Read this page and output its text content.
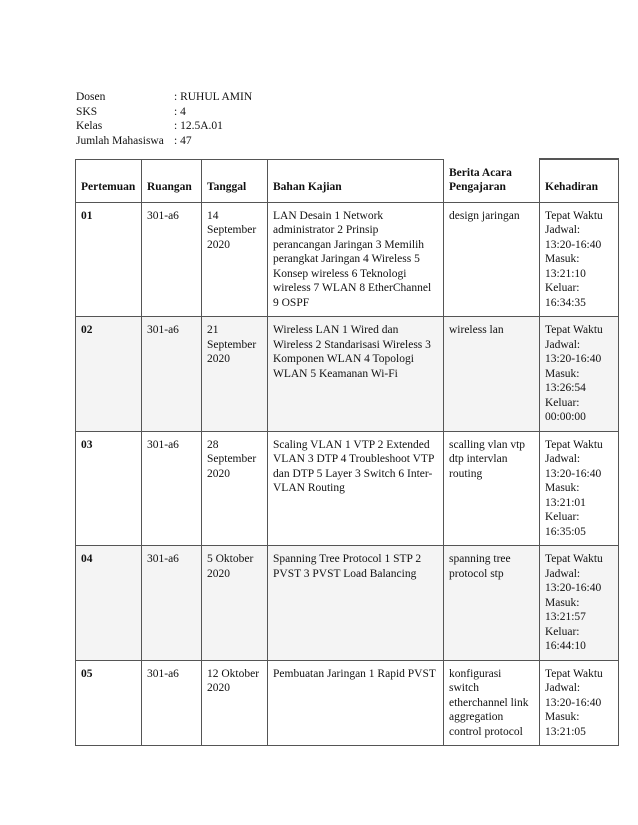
Dosen	: RUHUL AMIN
SKS	: 4
Kelas	: 12.5A.01
Jumlah Mahasiswa : 47
Pertemuan	Ruangan	Tanggal	Bahan Kajian	Berita Acara Pengajaran	Kehadiran
01	301-a6	14 September 2020	LAN Desain 1 Network administrator 2 Prinsip perancangan Jaringan 3 Memilih perangkat Jaringan 4 Wireless 5 Konsep wireless 6 Teknologi wireless 7 WLAN 8 EtherChannel 9 OSPF	design jaringan	Tepat Waktu Jadwal: 13:20-16:40 Masuk: 13:21:10 Keluar: 16:34:35
02	301-a6	21 September 2020	Wireless LAN 1 Wired dan Wireless 2 Standarisasi Wireless 3 Komponen WLAN 4 Topologi WLAN 5 Keamanan Wi-Fi	wireless lan	Tepat Waktu Jadwal: 13:20-16:40 Masuk: 13:26:54 Keluar: 00:00:00
03	301-a6	28 September 2020	Scaling VLAN 1 VTP 2 Extended VLAN 3 DTP 4 Troubleshoot VTP dan DTP 5 Layer 3 Switch 6 Inter-VLAN Routing	scalling vlan vtp dtp intervlan routing	Tepat Waktu Jadwal: 13:20-16:40 Masuk: 13:21:01 Keluar: 16:35:05
04	301-a6	5 Oktober 2020	Spanning Tree Protocol 1 STP 2 PVST 3 PVST Load Balancing	spanning tree protocol stp	Tepat Waktu Jadwal: 13:20-16:40 Masuk: 13:21:57 Keluar: 16:44:10
05	301-a6	12 Oktober 2020	Pembuatan Jaringan 1 Rapid PVST	konfigurasi switch etherchannel link aggregation control protocol	Tepat Waktu Jadwal: 13:20-16:40 Masuk: 13:21:05
